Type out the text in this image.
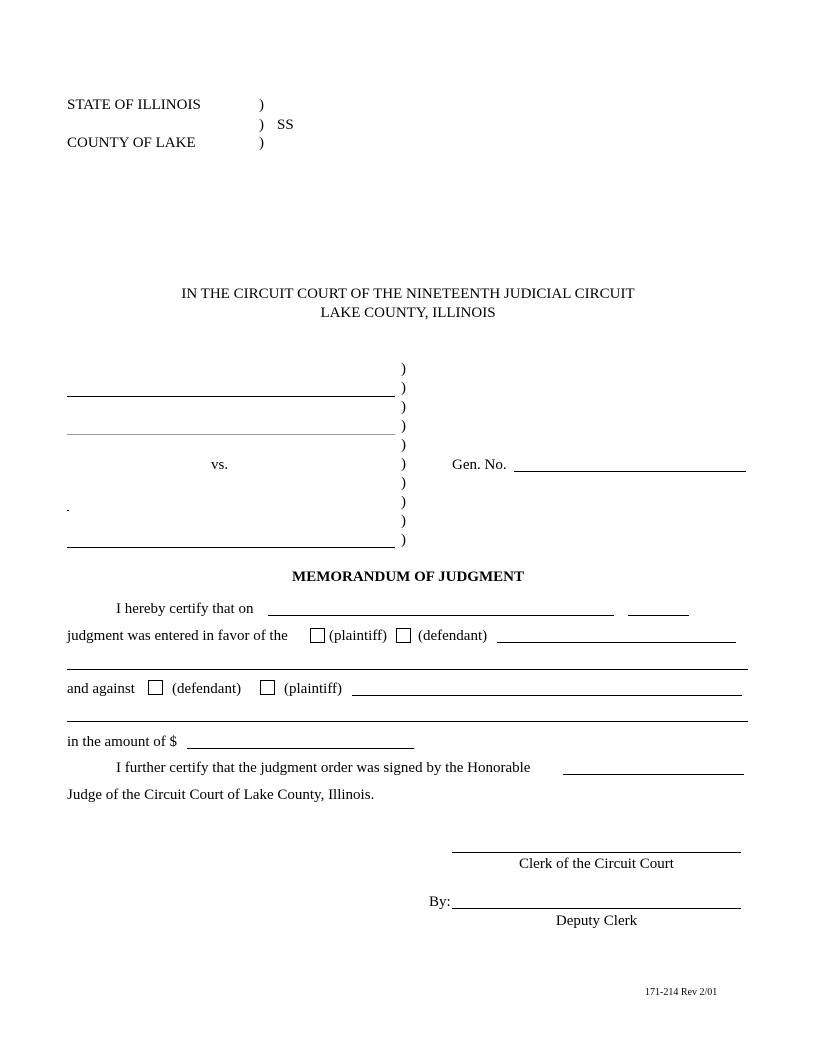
STATE OF ILLINOIS	)
) SS
COUNTY OF LAKE	)
IN THE CIRCUIT COURT OF THE NINETEENTH JUDICIAL CIRCUIT
LAKE COUNTY, ILLINOIS
)
)
)
)
)
)
)
)
)
)
vs.	Gen. No.
MEMORANDUM OF JUDGMENT
I hereby certify that on
judgment was entered in favor of the	(plaintiff) (defendant)
and against (defendant)	(plaintiff)
in the amount of $
I further certify that the judgment order was signed by the Honorable
Judge of the Circuit Court of Lake County, Illinois.
Clerk of the Circuit Court
By:
Deputy Clerk
171-214 Rev 2/01
